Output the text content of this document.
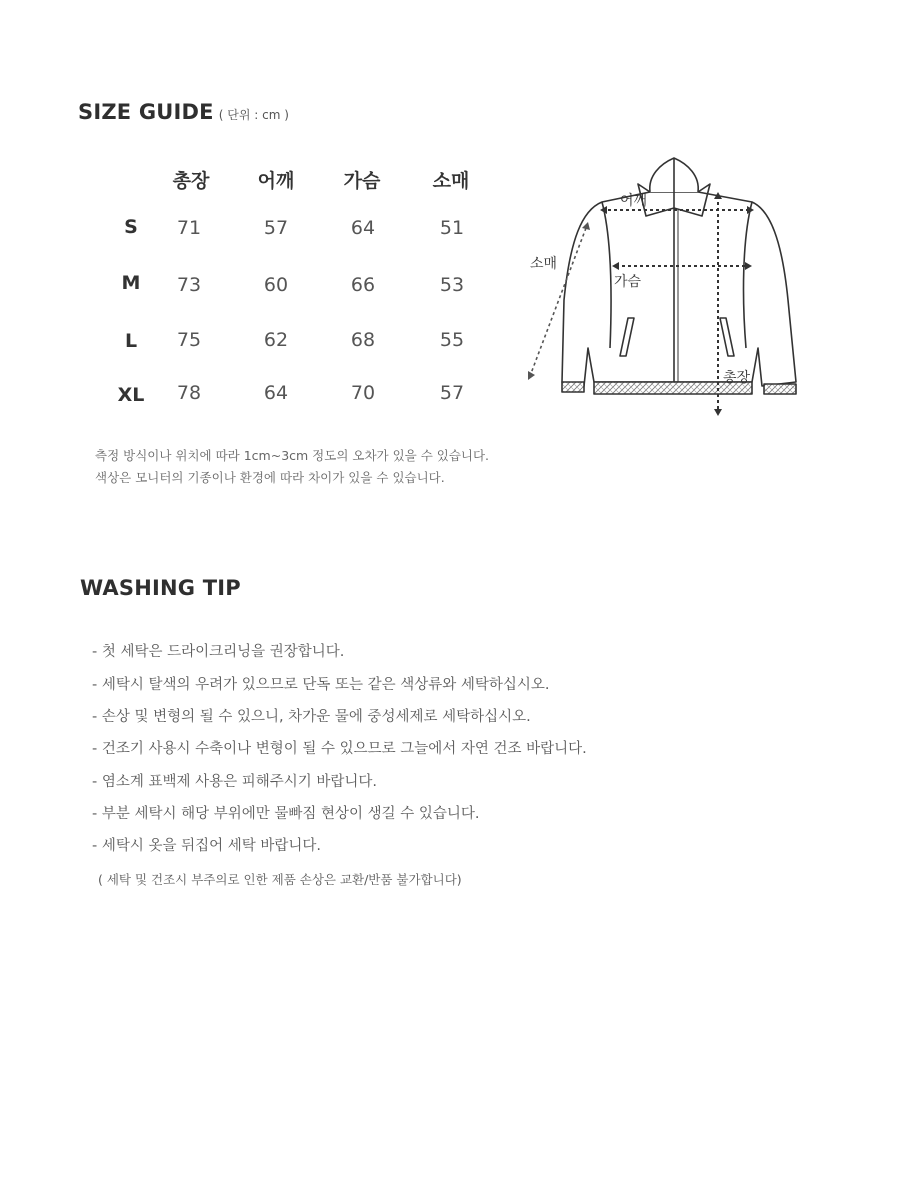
SIZE GUIDE ( 단위 : cm )
총장	어깨	가슴	소매
S 71	57	64	51
M 73	60	66	53
L 75	62	68	55
XL 78	64	70	57
어깨
소매
가슴
총장
측정 방식이나 위치에 따라 1cm~3cm 정도의 오차가 있을 수 있습니다.
색상은 모니터의 기종이나 환경에 따라 차이가 있을 수 있습니다.
WASHING TIP
- 첫 세탁은 드라이크리닝을 권장합니다.
- 세탁시 탈색의 우려가 있으므로 단독 또는 같은 색상류와 세탁하십시오.
- 손상 및 변형의 될 수 있으니, 차가운 물에 중성세제로 세탁하십시오.
- 건조기 사용시 수축이나 변형이 될 수 있으므로 그늘에서 자연 건조 바랍니다.
- 염소계 표백제 사용은 피해주시기 바랍니다.
- 부분 세탁시 해당 부위에만 물빠짐 현상이 생길 수 있습니다.
- 세탁시 옷을 뒤집어 세탁 바랍니다.
( 세탁 및 건조시 부주의로 인한 제품 손상은 교환/반품 불가합니다)
